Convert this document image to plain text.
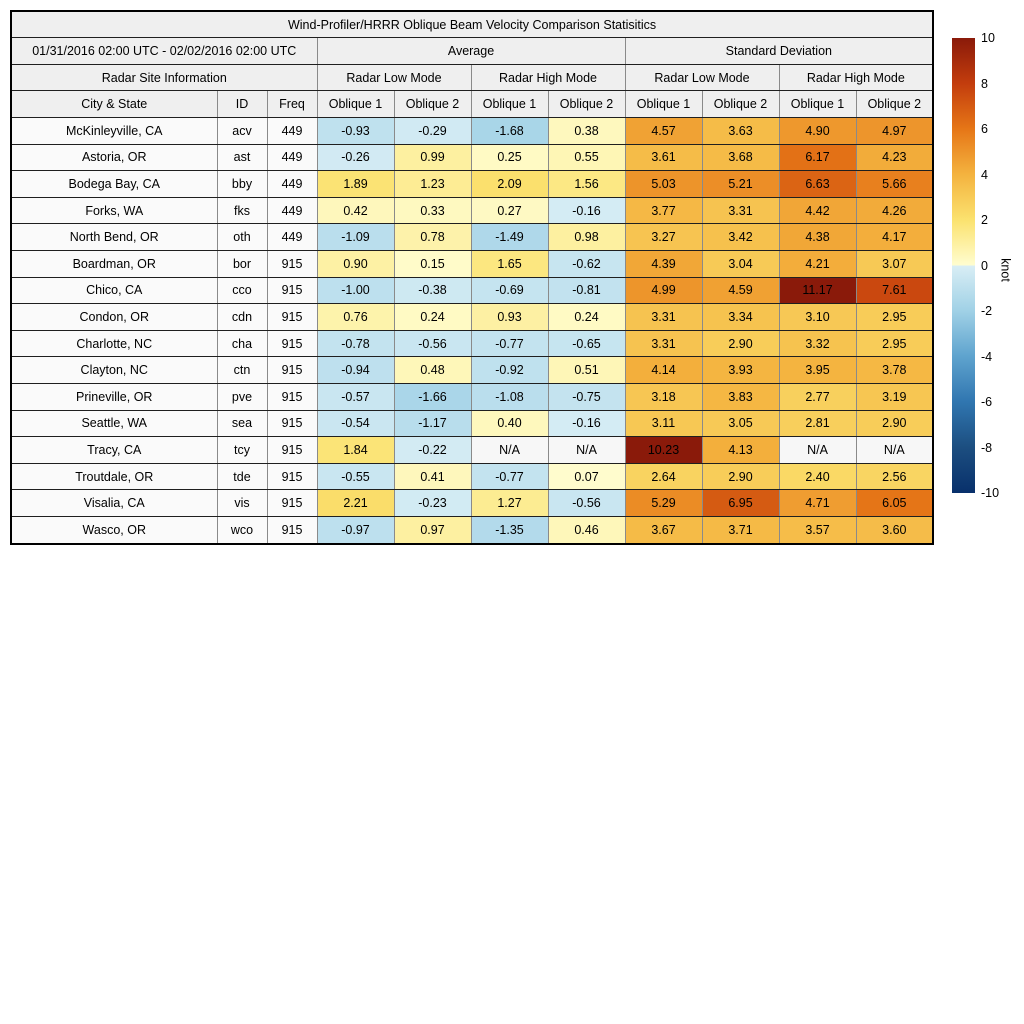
Wind-Profiler/HRRR Oblique Beam Velocity Comparison Statisitics										
01/31/2016 02:00 UTC - 02/02/2016 02:00 UTC			Average				Standard Deviation			
Radar Site Information			Radar Low Mode		Radar High Mode		Radar Low Mode		Radar High Mode	
City & State	ID	Freq	Oblique 1	Oblique 2	Oblique 1	Oblique 2	Oblique 1	Oblique 2	Oblique 1	Oblique 2
McKinleyville, CA	acv	449	-0.93	-0.29	-1.68	0.38	4.57	3.63	4.90	4.97
Astoria, OR	ast	449	-0.26	0.99	0.25	0.55	3.61	3.68	6.17	4.23
Bodega Bay, CA	bby	449	1.89	1.23	2.09	1.56	5.03	5.21	6.63	5.66
Forks, WA	fks	449	0.42	0.33	0.27	-0.16	3.77	3.31	4.42	4.26
North Bend, OR	oth	449	-1.09	0.78	-1.49	0.98	3.27	3.42	4.38	4.17
Boardman, OR	bor	915	0.90	0.15	1.65	-0.62	4.39	3.04	4.21	3.07
Chico, CA	cco	915	-1.00	-0.38	-0.69	-0.81	4.99	4.59	11.17	7.61
Condon, OR	cdn	915	0.76	0.24	0.93	0.24	3.31	3.34	3.10	2.95
Charlotte, NC	cha	915	-0.78	-0.56	-0.77	-0.65	3.31	2.90	3.32	2.95
Clayton, NC	ctn	915	-0.94	0.48	-0.92	0.51	4.14	3.93	3.95	3.78
Prineville, OR	pve	915	-0.57	-1.66	-1.08	-0.75	3.18	3.83	2.77	3.19
Seattle, WA	sea	915	-0.54	-1.17	0.40	-0.16	3.11	3.05	2.81	2.90
Tracy, CA	tcy	915	1.84	-0.22	N/A	N/A	10.23	4.13	N/A	N/A
Troutdale, OR	tde	915	-0.55	0.41	-0.77	0.07	2.64	2.90	2.40	2.56
Visalia, CA	vis	915	2.21	-0.23	1.27	-0.56	5.29	6.95	4.71	6.05
Wasco, OR	wco	915	-0.97	0.97	-1.35	0.46	3.67	3.71	3.57	3.60
10
8
6
4
2
0
-2
-4
-6
-8
-10
knot
